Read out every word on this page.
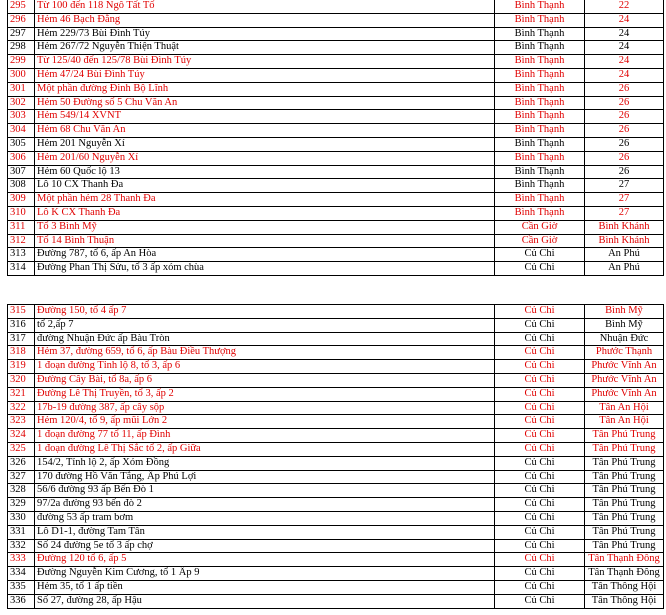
295	Từ 100 đến 118 Ngô Tất Tố	Bình Thạnh	22
296	Hẻm 46 Bạch Đằng	Bình Thạnh	24
297	Hẻm 229/73 Bùi Đình Túy	Bình Thạnh	24
298	Hẻm 267/72 Nguyễn Thiện Thuật	Bình Thạnh	24
299	Từ 125/40 đến 125/78 Bùi Đình Túy	Bình Thạnh	24
300	Hẻm 47/24 Bùi Đình Túy	Bình Thạnh	24
301	Một phần đường Đinh Bộ Lĩnh	Bình Thạnh	26
302	Hẻm 50 Đường số 5 Chu Văn An	Bình Thạnh	26
303	Hẻm 549/14 XVNT	Bình Thạnh	26
304	Hẻm 68 Chu Văn An	Bình Thạnh	26
305	Hẻm 201 Nguyễn Xí	Bình Thạnh	26
306	Hẻm 201/60 Nguyễn Xí	Bình Thạnh	26
307	Hẻm 60 Quốc lộ 13	Bình Thạnh	26
308	Lô 10 CX Thanh Đa	Bình Thạnh	27
309	Một phần hẻm 28 Thanh Đa	Bình Thạnh	27
310	Lô K CX Thanh Đa	Bình Thạnh	27
311	Tổ 3 Bình Mỹ	Cần Giờ	Bình Khánh
312	Tổ 14 Bình Thuận	Cần Giờ	Bình Khánh
313	Đường 787, tổ 6, ấp An Hòa	Củ Chi	An Phú
314	Đường Phan Thị Sửu, tổ 3 ấp xóm chùa	Củ Chi	An Phú
315	Đường 150, tổ 4 ấp 7	Củ Chi	Bình Mỹ
316	tổ 2,ấp 7	Củ Chi	Bình Mỹ
317	đường Nhuận Đức ấp Bàu Tròn	Củ Chi	Nhuận Đức
318	Hẻm 37, đường 659, tổ 6, ấp Bàu Điều Thượng	Củ Chi	Phước Thạnh
319	1 đoạn đường Tỉnh lộ 8, tổ 3, ấp 6	Củ Chi	Phước Vĩnh An
320	Đường Cây Bài, tổ 8a, ấp 6	Củ Chi	Phước Vĩnh An
321	Đường Lê Thị Truyền, tổ 3, ấp 2	Củ Chi	Phước Vĩnh An
322	17b-19 đường 387, ấp cây sộp	Củ Chi	Tân An Hội
323	Hẻm 120/4, tổ 9, ấp mũi Lớn 2	Củ Chi	Tân An Hội
324	1 đoạn đường 77 tổ 11, ấp Đình	Củ Chi	Tân Phú Trung
325	1 đoạn đường Lê Thị Sắc tổ 2, ấp Giữa	Củ Chi	Tân Phú Trung
326	154/2, Tỉnh lộ 2, ấp Xóm Đồng	Củ Chi	Tân Phú Trung
327	170 đường Hồ Văn Tắng, Ấp Phú Lợi	Củ Chi	Tân Phú Trung
328	56/6 đường 93 ấp Bến Đò 1	Củ Chi	Tân Phú Trung
329	97/2a đường 93 bến đò 2	Củ Chi	Tân Phú Trung
330	đường 53 ấp tram bơm	Củ Chi	Tân Phú Trung
331	Lô D1-1, đường Tam Tân	Củ Chi	Tân Phú Trung
332	Số 24 đường 5e tổ 3 ấp chợ	Củ Chi	Tân Phú Trung
333	Đường 120 tổ 6, ấp 5	Củ Chi	Tân Thạnh Đông
334	Đường Nguyễn Kim Cương, tổ 1 Ấp 9	Củ Chi	Tân Thạnh Đông
335	Hẻm 35, tổ 1 ấp tiền	Củ Chi	Tân Thông Hội
336	Số 27, đường 28, ấp Hậu	Củ Chi	Tân Thông Hội
